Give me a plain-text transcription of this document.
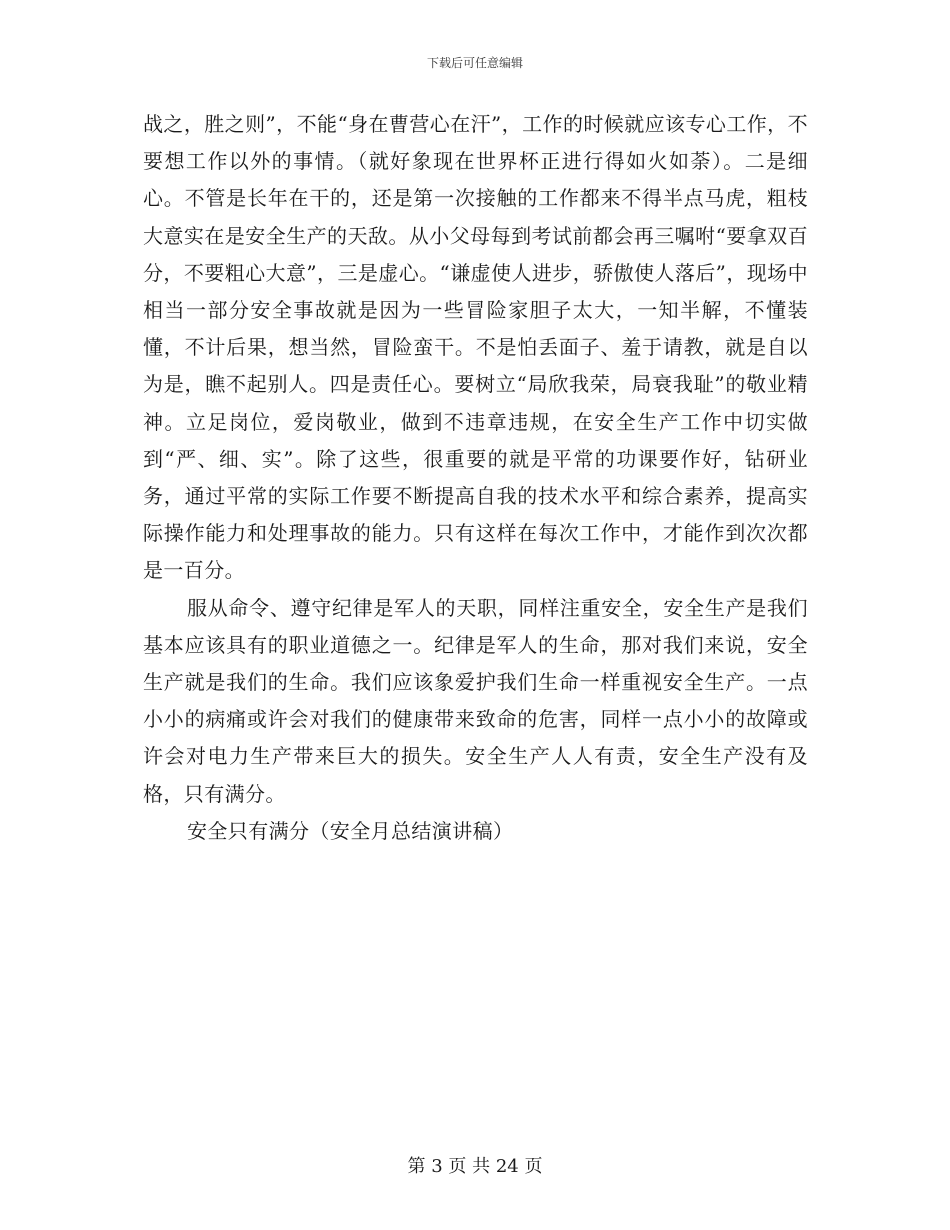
下载后可任意编辑

战之，胜之则”，不能“身在曹营心在汗”，工作的时候就应该专心工作，不要想工作以外的事情。（就好象现在世界杯正进行得如火如荼）。二是细心。不管是长年在干的，还是第一次接触的工作都来不得半点马虎，粗枝大意实在是安全生产的天敌。从小父母每到考试前都会再三嘱咐“要拿双百分，不要粗心大意”，三是虚心。“谦虚使人进步，骄傲使人落后”，现场中相当一部分安全事故就是因为一些冒险家胆子太大，一知半解，不懂装懂，不计后果，想当然，冒险蛮干。不是怕丢面子、羞于请教，就是自以为是，瞧不起别人。四是责任心。要树立“局欣我荣，局衰我耻”的敬业精神。立足岗位，爱岗敬业，做到不违章违规，在安全生产工作中切实做到“严、细、实”。除了这些，很重要的就是平常的功课要作好，钻研业务，通过平常的实际工作要不断提高自我的技术水平和综合素养，提高实际操作能力和处理事故的能力。只有这样在每次工作中，才能作到次次都是一百分。

服从命令、遵守纪律是军人的天职，同样注重安全，安全生产是我们基本应该具有的职业道德之一。纪律是军人的生命，那对我们来说，安全生产就是我们的生命。我们应该象爱护我们生命一样重视安全生产。一点小小的病痛或许会对我们的健康带来致命的危害，同样一点小小的故障或许会对电力生产带来巨大的损失。安全生产人人有责，安全生产没有及格，只有满分。

安全只有满分（安全月总结演讲稿）

第 3 页 共 24 页
